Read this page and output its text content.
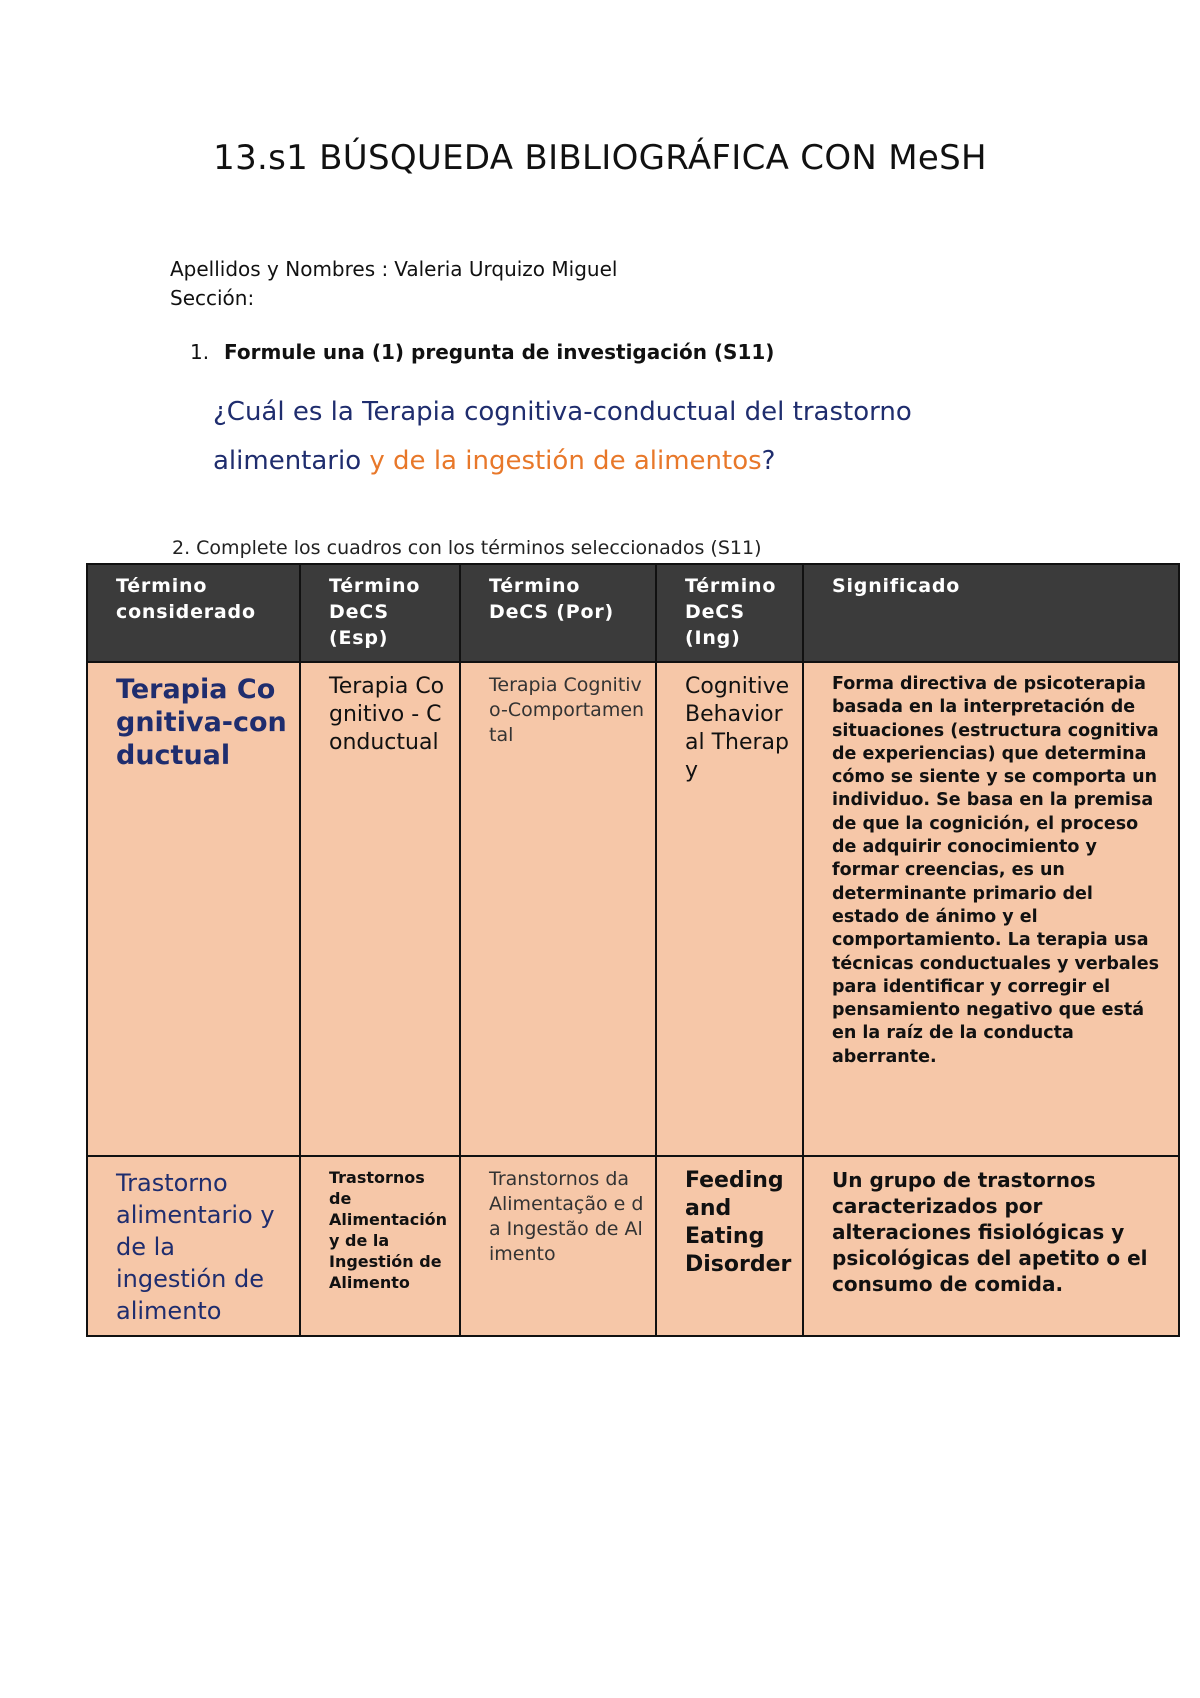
13.s1 BÚSQUEDA BIBLIOGRÁFICA CON MeSH
Apellidos y Nombres : Valeria Urquizo Miguel
Sección:
1. Formule una (1) pregunta de investigación (S11)
¿Cuál es la Terapia cognitiva-conductual del trastorno alimentario y de la ingestión de alimentos?
2. Complete los cuadros con los términos seleccionados (S11)
Término considerado	Término DeCS (Esp)	Término DeCS (Por)	Término DeCS (Ing)	Significado
Terapia Cognitiva-conductual	Terapia Cognitivo - Conductual	Terapia Cognitivo-Comportamental	Cognitive Behavioral Therapy	Forma directiva de psicoterapia basada en la interpretación de situaciones (estructura cognitiva de experiencias) que determina cómo se siente y se comporta un individuo. Se basa en la premisa de que la cognición, el proceso de adquirir conocimiento y formar creencias, es un determinante primario del estado de ánimo y el comportamiento. La terapia usa técnicas conductuales y verbales para identificar y corregir el pensamiento negativo que está en la raíz de la conducta aberrante.
Trastorno alimentario y de la ingestión de alimento	Trastornos de Alimentación y de la Ingestión de Alimento	Transtornos da Alimentação e da Ingestão de Alimento	Feeding and Eating Disorder	Un grupo de trastornos caracterizados por alteraciones fisiológicas y psicológicas del apetito o el consumo de comida.
